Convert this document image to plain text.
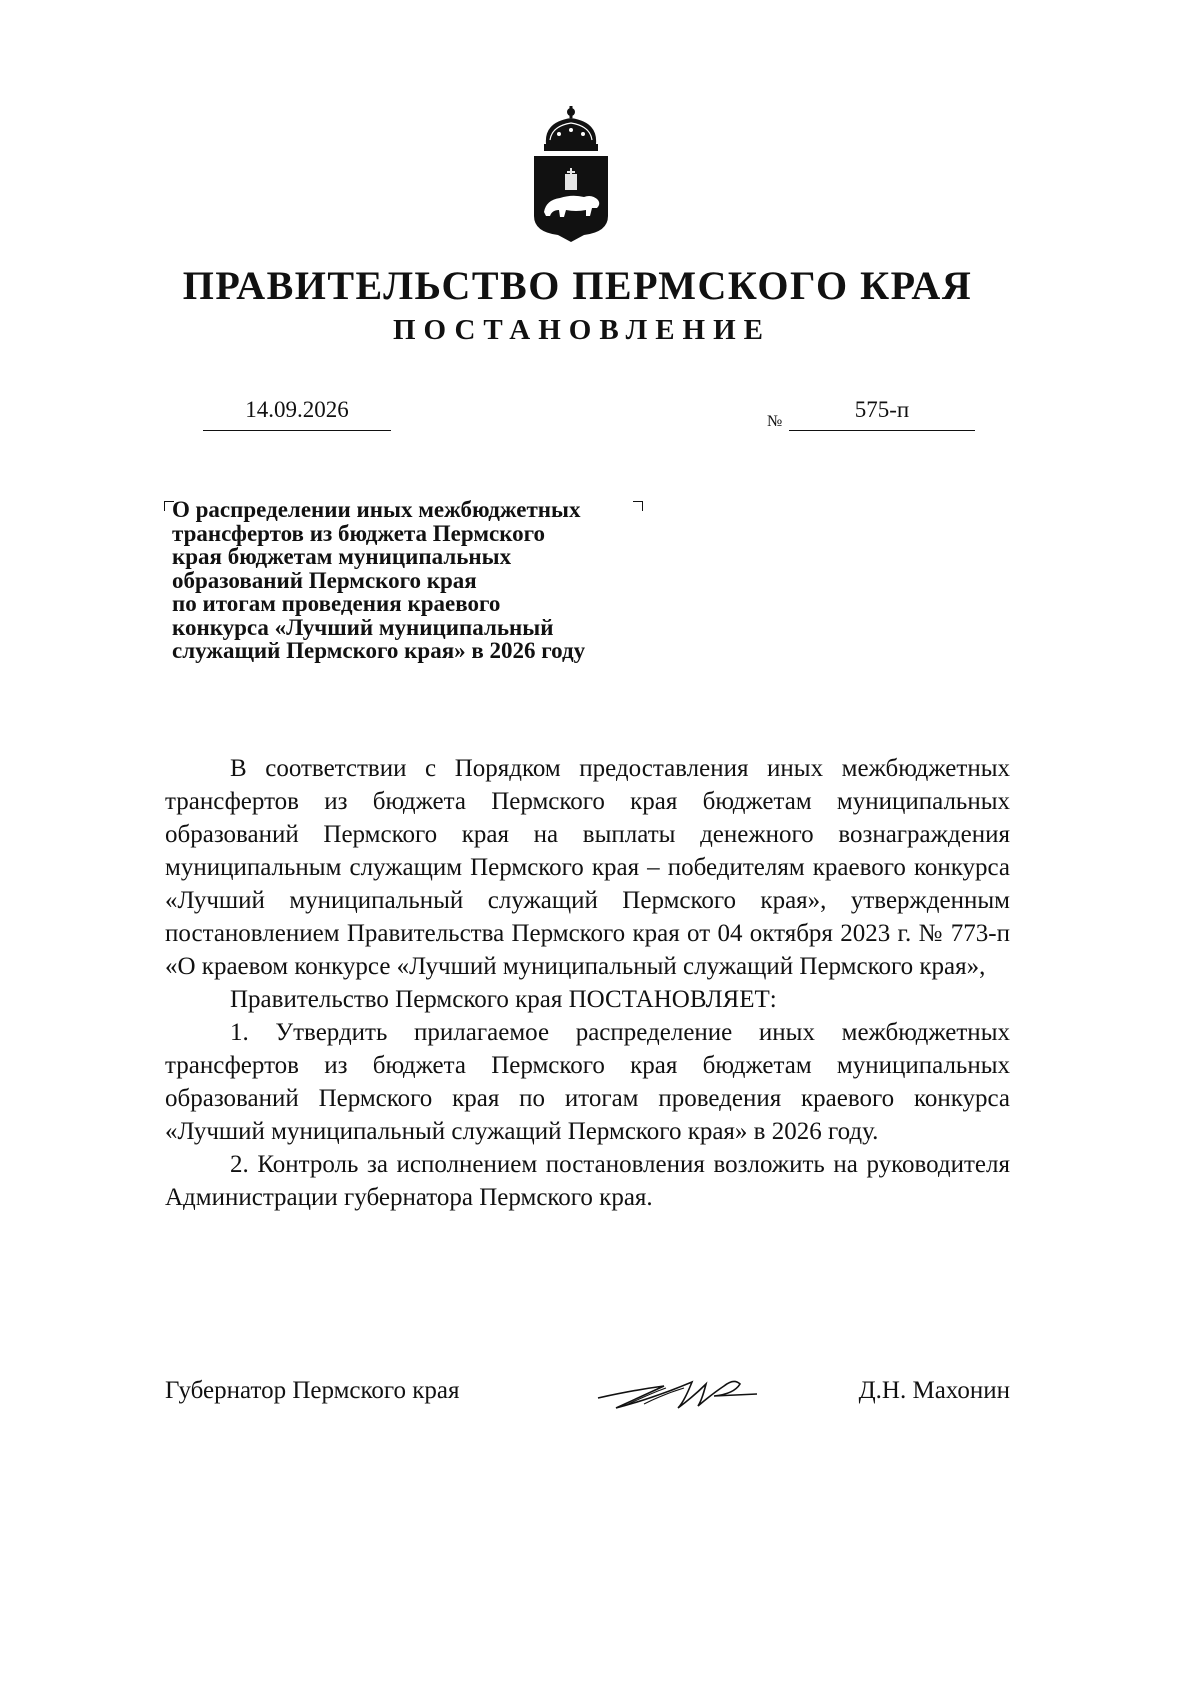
ПРАВИТЕЛЬСТВО ПЕРМСКОГО КРАЯ
ПОСТАНОВЛЕНИЕ
14.09.2026	№	575-п
О распределении иных межбюджетных
трансфертов из бюджета Пермского
края бюджетам муниципальных
образований Пермского края
по итогам проведения краевого
конкурса «Лучший муниципальный
служащий Пермского края» в 2026 году

В соответствии с Порядком предоставления иных межбюджетных трансфертов из бюджета Пермского края бюджетам муниципальных образований Пермского края на выплаты денежного вознаграждения муниципальным служащим Пермского края – победителям краевого конкурса «Лучший муниципальный служащий Пермского края», утвержденным постановлением Правительства Пермского края от 04 октября 2023 г. № 773-п «О краевом конкурсе «Лучший муниципальный служащий Пермского края»,

Правительство Пермского края ПОСТАНОВЛЯЕТ:

1. Утвердить прилагаемое распределение иных межбюджетных трансфертов из бюджета Пермского края бюджетам муниципальных образований Пермского края по итогам проведения краевого конкурса «Лучший муниципальный служащий Пермского края» в 2026 году.

2. Контроль за исполнением постановления возложить на руководителя Администрации губернатора Пермского края.

Губернатор Пермского края	Д.Н. Махонин
